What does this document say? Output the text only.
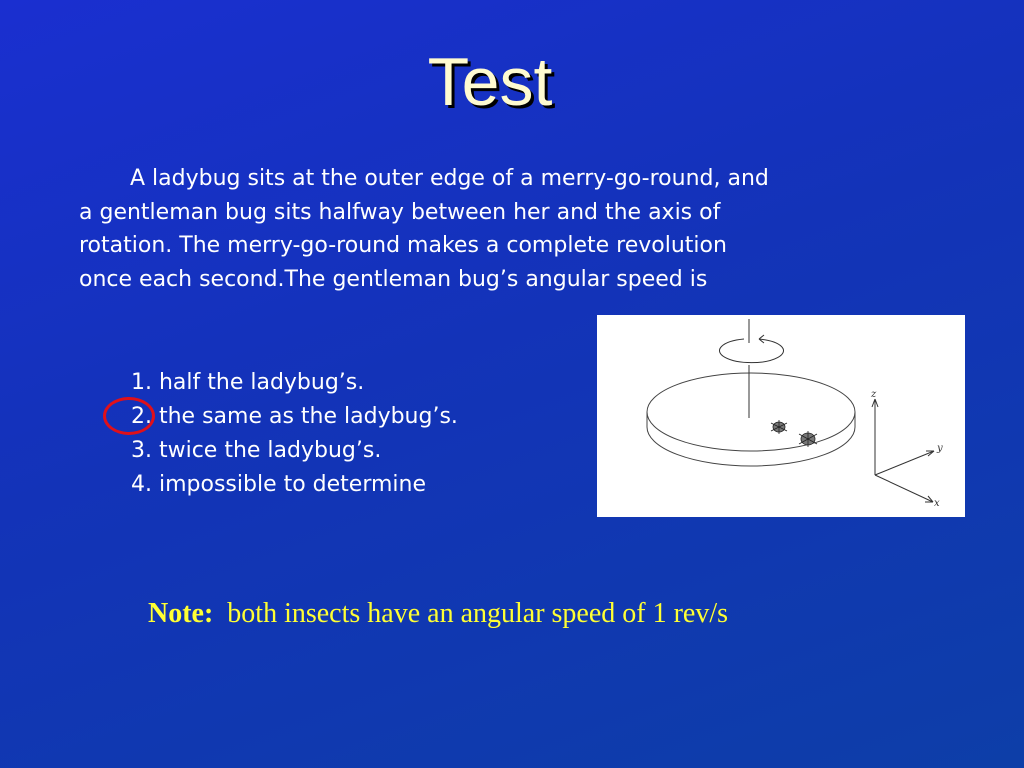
Test
A ladybug sits at the outer edge of a merry-go-round, and
a gentleman bug sits halfway between her and the axis of
rotation. The merry-go-round makes a complete revolution
once each second.The gentleman bug’s angular speed is
1. half the ladybug’s.
2. the same as the ladybug’s.
3. twice the ladybug’s.
4. impossible to determine
z
y
x
Note: both insects have an angular speed of 1 rev/s
